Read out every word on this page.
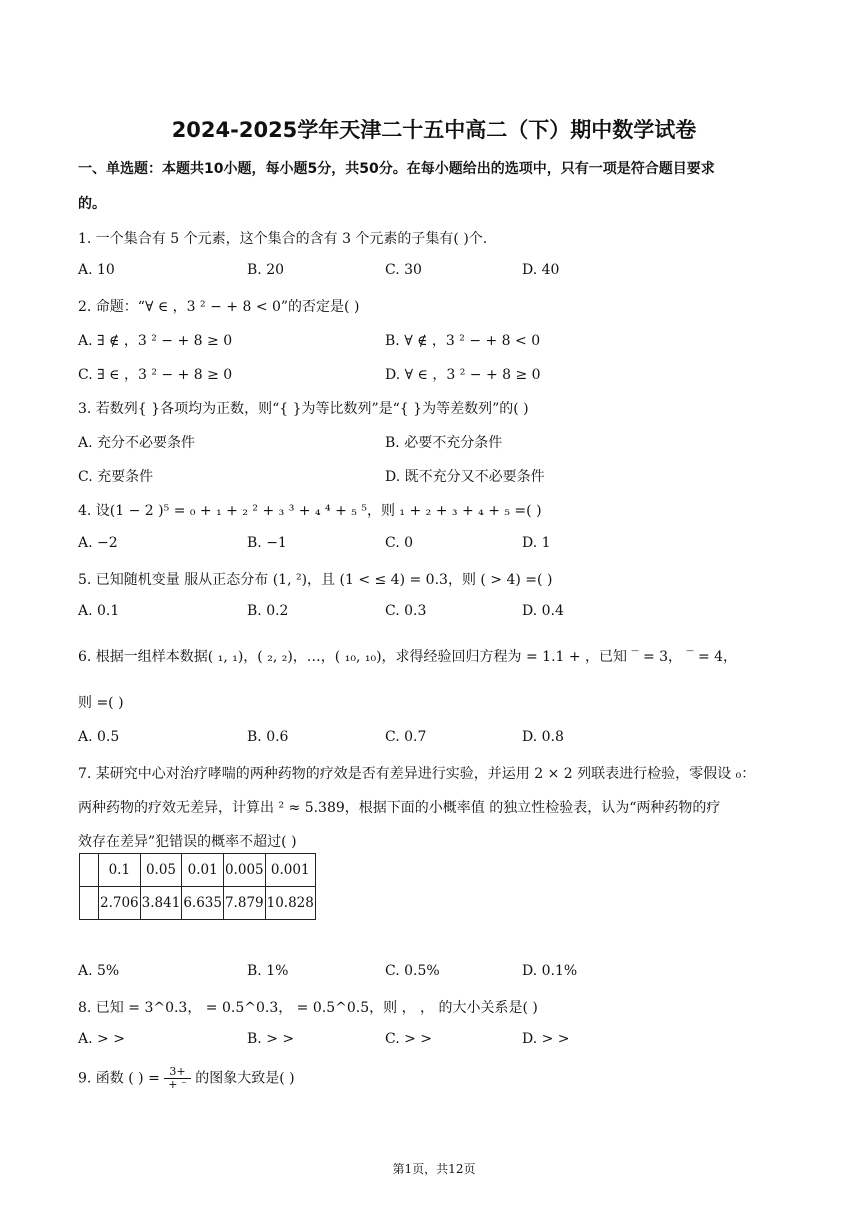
2024-2025学年天津二十五中高二（下）期中数学试卷
一、单选题：本题共10小题，每小题5分，共50分。在每小题给出的选项中，只有一项是符合题目要求
的。
1. 一个集合有 5 个元素，这个集合的含有 3 个元素的子集有( )个.
A. 10	B. 20	C. 30	D. 40
2. 命题：“∀ ∈ ，3 ² − + 8 < 0”的否定是( )
A. ∃ ∉ ，3 ² − + 8 ≥ 0	B. ∀ ∉ ，3 ² − + 8 < 0
C. ∃ ∈ ，3 ² − + 8 ≥ 0	D. ∀ ∈ ，3 ² − + 8 ≥ 0
3. 若数列{ }各项均为正数，则“{ }为等比数列”是“{ }为等差数列”的( )
A. 充分不必要条件	B. 必要不充分条件
C. 充要条件	D. 既不充分又不必要条件
4. 设(1 − 2 )⁵ = ₀ + ₁ + ₂ ² + ₃ ³ + ₄ ⁴ + ₅ ⁵，则 ₁ + ₂ + ₃ + ₄ + ₅ =( )
A. −2	B. −1	C. 0	D. 1
5. 已知随机变量 服从正态分布 (1, ²)，且 (1 < ≤ 4) = 0.3，则 ( > 4) =( )
A. 0.1	B. 0.2	C. 0.3	D. 0.4
6. 根据一组样本数据( ₁, ₁)，( ₂, ₂)，…，( ₁₀, ₁₀)，求得经验回归方程为 = 1.1 + ，已知 ‾ = 3， ‾ = 4，
则 =( )
A. 0.5	B. 0.6	C. 0.7	D. 0.8
7. 某研究中心对治疗哮喘的两种药物的疗效是否有差异进行实验，并运用 2 × 2 列联表进行检验，零假设 ₀：
两种药物的疗效无差异，计算出 ² ≈ 5.389，根据下面的小概率值 的独立性检验表，认为“两种药物的疗
效存在差异”犯错误的概率不超过( )
	0.1	0.05	0.01	0.005	0.001
	2.706	3.841	6.635	7.879	10.828
A. 5%	B. 1%	C. 0.5%	D. 0.1%
8. 已知 = 3^0.3， = 0.5^0.3， = 0.5^0.5，则 ， ， 的大小关系是( )
A. > >	B. > >	C. > >	D. > >
9. 函数 ( ) = $\frac{3+}{+ ^-}$ 的图象大致是( )
第1页，共12页
